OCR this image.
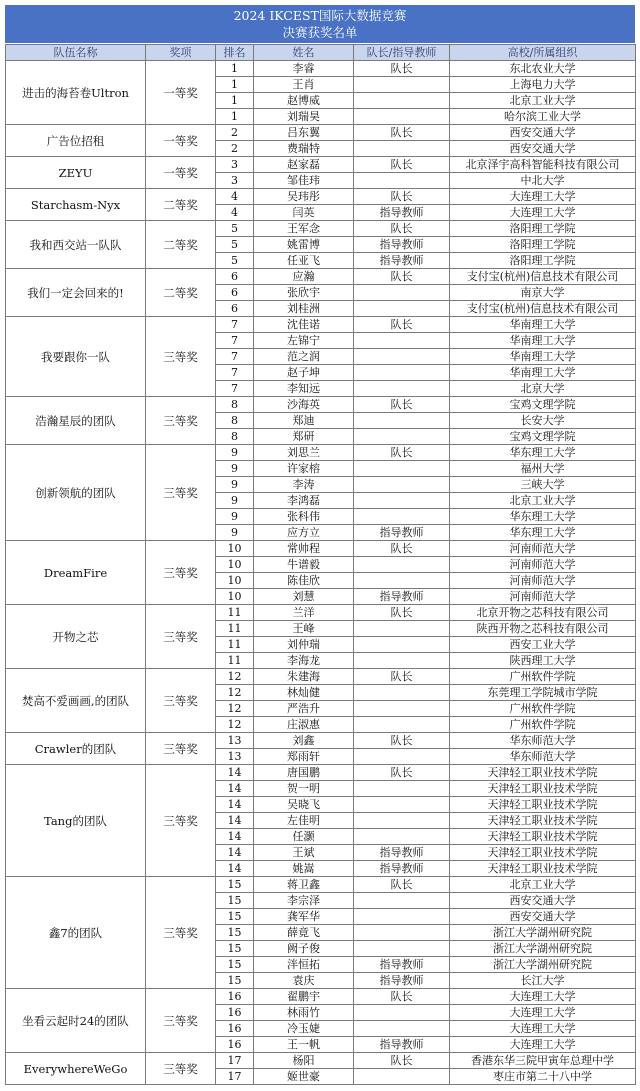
2024 IKCEST国际大数据竞赛
决赛获奖名单
队伍名称	奖项	排名	姓名	队长/指导教师	高校/所属组织
进击的海苔卷Ultron	一等奖	1	李睿	队长	东北农业大学
		1	王肖		上海电力大学
		1	赵博威		北京工业大学
		1	刘瑞昊		哈尔滨工业大学
广告位招租	一等奖	2	吕东翼	队长	西安交通大学
		2	费瑞特		西安交通大学
ZEYU	一等奖	3	赵家磊	队长	北京泽宇高科智能科技有限公司
		3	邹佳玮		中北大学
Starchasm-Nyx	二等奖	4	吴玮彤	队长	大连理工大学
		4	闫英	指导教师	大连理工大学
我和西交站一队队	二等奖	5	王军念	队长	洛阳理工学院
		5	姚雷博	指导教师	洛阳理工学院
		5	任亚飞	指导教师	洛阳理工学院
我们一定会回来的!	二等奖	6	应瀚	队长	支付宝(杭州)信息技术有限公司
		6	张欣宇		南京大学
		6	刘桂洲		支付宝(杭州)信息技术有限公司
我要跟你一队	三等奖	7	沈佳诺	队长	华南理工大学
		7	左锦宁		华南理工大学
		7	范之润		华南理工大学
		7	赵子坤		华南理工大学
		7	李知远		北京大学
浩瀚星辰的团队	三等奖	8	沙海英	队长	宝鸡文理学院
		8	郑迪		长安大学
		8	郑研		宝鸡文理学院
创新领航的团队	三等奖	9	刘思兰	队长	华东理工大学
		9	许家榕		福州大学
		9	李涛		三峡大学
		9	李鸿磊		北京工业大学
		9	张科伟		华东理工大学
		9	应方立	指导教师	华东理工大学
DreamFire	三等奖	10	常帅程	队长	河南师范大学
		10	牛谱毅		河南师范大学
		10	陈佳欣		河南师范大学
		10	刘慧	指导教师	河南师范大学
开物之芯	三等奖	11	兰洋	队长	北京开物之芯科技有限公司
		11	王峰		陕西开物之芯科技有限公司
		11	刘仲瑞		西安工业大学
		11	李海龙		陕西理工大学
焚高不爱画画,的团队	三等奖	12	朱建海	队长	广州软件学院
		12	林灿健		东莞理工学院城市学院
		12	严浩升		广州软件学院
		12	庄淑惠		广州软件学院
Crawler的团队	三等奖	13	刘鑫	队长	华东师范大学
		13	郑雨轩		华东师范大学
Tang的团队	三等奖	14	唐国鹏	队长	天津轻工职业技术学院
		14	贺一明		天津轻工职业技术学院
		14	吴晓飞		天津轻工职业技术学院
		14	左佳明		天津轻工职业技术学院
		14	任灏		天津轻工职业技术学院
		14	王斌	指导教师	天津轻工职业技术学院
		14	姚嵩	指导教师	天津轻工职业技术学院
鑫7的团队	三等奖	15	蒋卫鑫	队长	北京工业大学
		15	李宗泽		西安交通大学
		15	龚军华		西安交通大学
		15	薛竟飞		浙江大学湖州研究院
		15	阙子俊		浙江大学湖州研究院
		15	泮恒拓	指导教师	浙江大学湖州研究院
		15	袁庆	指导教师	长江大学
坐看云起时24的团队	三等奖	16	翟鹏宇	队长	大连理工大学
		16	林雨竹		大连理工大学
		16	冷玉婕		大连理工大学
		16	王一帆	指导教师	大连理工大学
EverywhereWeGo	三等奖	17	杨阳	队长	香港东华三院甲寅年总理中学
		17	姬世豪		枣庄市第二十八中学
